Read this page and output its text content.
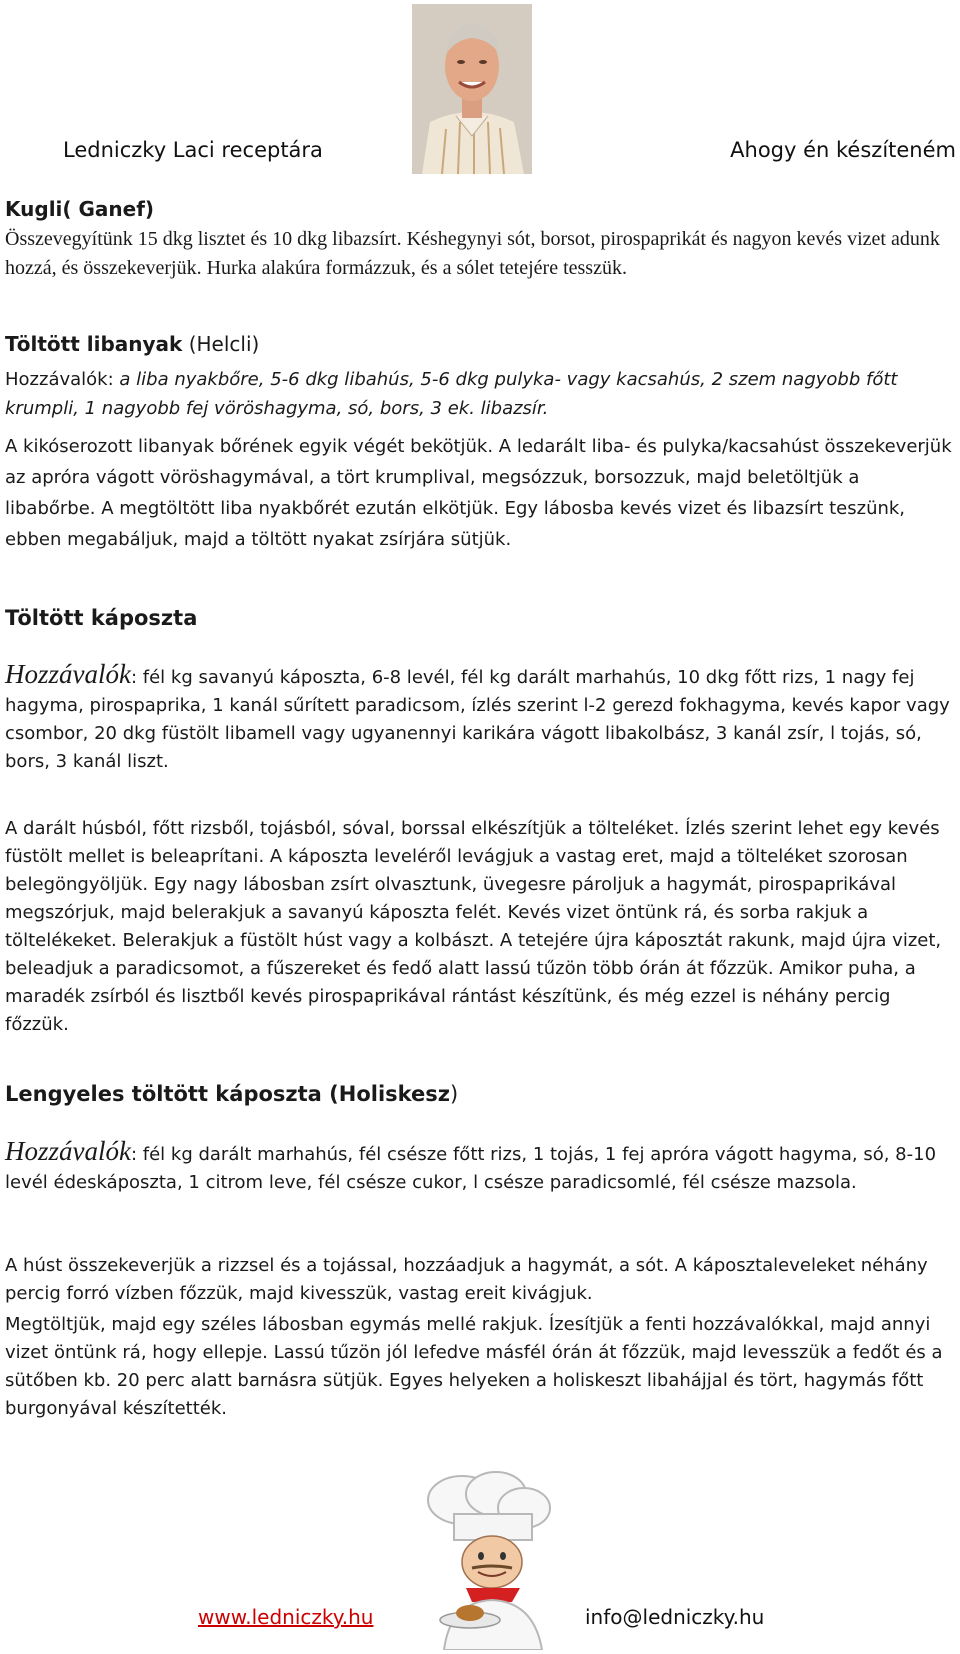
Ledniczky Laci receptára	Ahogy én készíteném
Kugli( Ganef)
Összevegyítünk 15 dkg lisztet és 10 dkg libazsírt. Késhegynyi sót, borsot, pirospaprikát és nagyon kevés vizet adunk hozzá, és összekeverjük. Hurka alakúra formázzuk, és a sólet tetejére tesszük.
Töltött libanyak (Helcli)
Hozzávalók: a liba nyakbőre, 5-6 dkg libahús, 5-6 dkg pulyka- vagy kacsahús, 2 szem nagyobb főtt krumpli, 1 nagyobb fej vöröshagyma, só, bors, 3 ek. libazsír.
A kikóserozott libanyak bőrének egyik végét bekötjük. A ledarált liba- és pulyka/kacsahúst összekeverjük az apróra vágott vöröshagymával, a tört krumplival, megsózzuk, borsozzuk, majd beletöltjük a libabőrbe. A megtöltött liba nyakbőrét ezután elkötjük. Egy lábosba kevés vizet és libazsírt teszünk, ebben megabáljuk, majd a töltött nyakat zsírjára sütjük.
Töltött káposzta
Hozzávalók: fél kg savanyú káposzta, 6-8 levél, fél kg darált marhahús, 10 dkg főtt rizs, 1 nagy fej hagyma, pirospaprika, 1 kanál sűrített paradicsom, ízlés szerint l-2 gerezd fokhagyma, kevés kapor vagy csombor, 20 dkg füstölt libamell vagy ugyanennyi karikára vágott libakolbász, 3 kanál zsír, l tojás, só, bors, 3 kanál liszt.
A darált húsból, főtt rizsből, tojásból, sóval, borssal elkészítjük a tölteléket. Ízlés szerint lehet egy kevés füstölt mellet is beleaprítani. A káposzta leveléről levágjuk a vastag eret, majd a tölteléket szorosan belegöngyöljük. Egy nagy lábosban zsírt olvasztunk, üvegesre pároljuk a hagymát, pirospaprikával megszórjuk, majd belerakjuk a savanyú káposzta felét. Kevés vizet öntünk rá, és sorba rakjuk a töltelékeket. Belerakjuk a füstölt húst vagy a kolbászt. A tetejére újra káposztát rakunk, majd újra vizet, beleadjuk a paradicsomot, a fűszereket és fedő alatt lassú tűzön több órán át főzzük. Amikor puha, a maradék zsírból és lisztből kevés pirospaprikával rántást készítünk, és még ezzel is néhány percig főzzük.
Lengyeles töltött káposzta (Holiskesz)
Hozzávalók: fél kg darált marhahús, fél csésze főtt rizs, 1 tojás, 1 fej apróra vágott hagyma, só, 8-10 levél édeskáposzta, 1 citrom leve, fél csésze cukor, l csésze paradicsomlé, fél csésze mazsola.
A húst összekeverjük a rizzsel és a tojással, hozzáadjuk a hagymát, a sót. A káposztaleveleket néhány percig forró vízben főzzük, majd kivesszük, vastag ereit kivágjuk.
Megtöltjük, majd egy széles lábosban egymás mellé rakjuk. Ízesítjük a fenti hozzávalókkal, majd annyi vizet öntünk rá, hogy ellepje. Lassú tűzön jól lefedve másfél órán át főzzük, majd levesszük a fedőt és a sütőben kb. 20 perc alatt barnásra sütjük. Egyes helyeken a holiskeszt libahájjal és tört, hagymás főtt burgonyával készítették.
www.ledniczky.hu	info@ledniczky.hu
